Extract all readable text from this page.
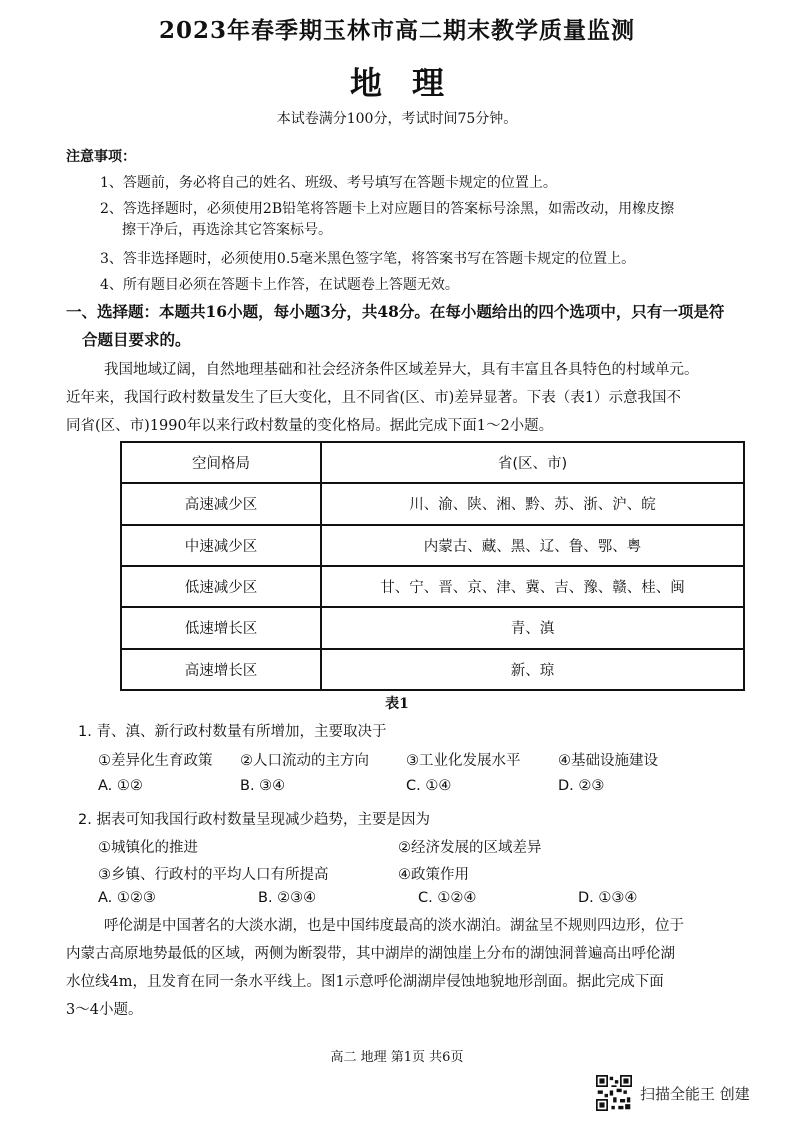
2023年春季期玉林市高二期末教学质量监测
地理
本试卷满分100分，考试时间75分钟。
注意事项：
1、答题前，务必将自己的姓名、班级、考号填写在答题卡规定的位置上。
2、答选择题时，必须使用2B铅笔将答题卡上对应题目的答案标号涂黑，如需改动，用橡皮擦
擦干净后，再选涂其它答案标号。
3、答非选择题时，必须使用0.5毫米黑色签字笔，将答案书写在答题卡规定的位置上。
4、所有题目必须在答题卡上作答，在试题卷上答题无效。
一、选择题：本题共16小题，每小题3分，共48分。在每小题给出的四个选项中，只有一项是符
合题目要求的。
我国地域辽阔，自然地理基础和社会经济条件区域差异大，具有丰富且各具特色的村域单元。
近年来，我国行政村数量发生了巨大变化，且不同省(区、市)差异显著。下表（表1）示意我国不
同省(区、市)1990年以来行政村数量的变化格局。据此完成下面1～2小题。
空间格局	省(区、市)
高速减少区	川、渝、陕、湘、黔、苏、浙、沪、皖
中速减少区	内蒙古、藏、黑、辽、鲁、鄂、粤
低速减少区	甘、宁、晋、京、津、冀、吉、豫、赣、桂、闽
低速增长区	青、滇
高速增长区	新、琼
表1
1. 青、滇、新行政村数量有所增加，主要取决于
①差异化生育政策 ②人口流动的主方向	③工业化发展水平	④基础设施建设
A. ①②	B. ③④	C. ①④	D. ②③
2. 据表可知我国行政村数量呈现减少趋势，主要是因为
①城镇化的推进	②经济发展的区域差异
③乡镇、行政村的平均人口有所提高	④政策作用
A. ①②③	B. ②③④	C. ①②④	D. ①③④
呼伦湖是中国著名的大淡水湖，也是中国纬度最高的淡水湖泊。湖盆呈不规则四边形，位于
内蒙古高原地势最低的区域，两侧为断裂带，其中湖岸的湖蚀崖上分布的湖蚀洞普遍高出呼伦湖
水位线4m，且发育在同一条水平线上。图1示意呼伦湖湖岸侵蚀地貌地形剖面。据此完成下面
3～4小题。
高二 地理 第1页 共6页
扫描全能王 创建
